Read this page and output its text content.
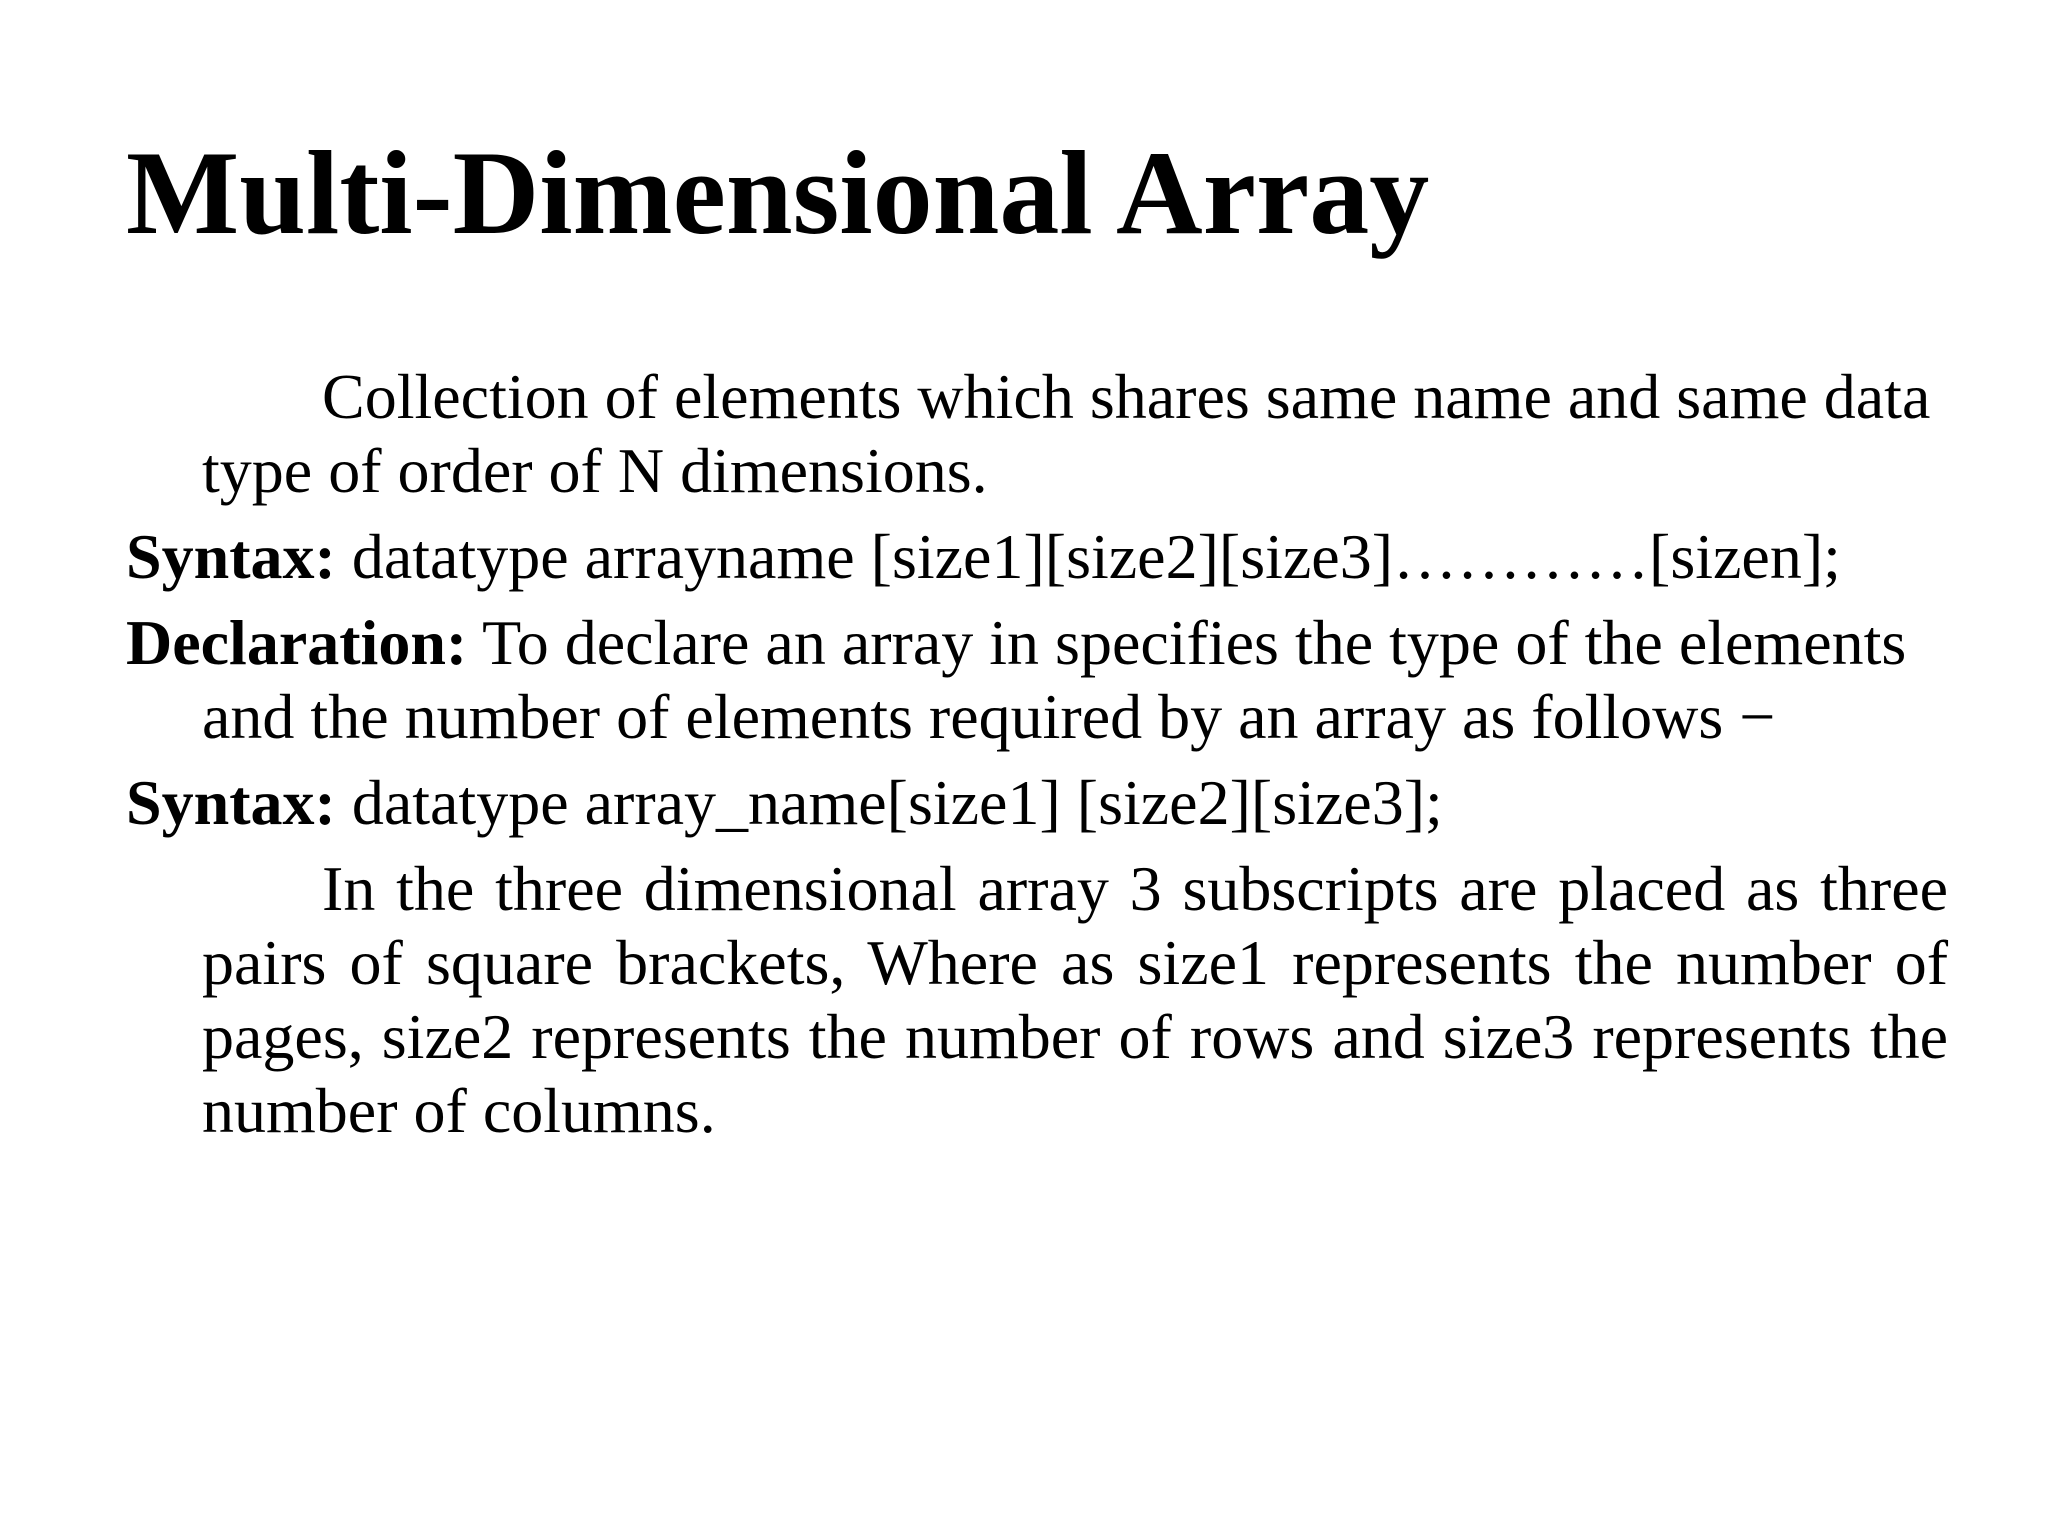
Multi-Dimensional Array

Collection of elements which shares same name and same data type of order of N dimensions.

Syntax: datatype arrayname [size1][size2][size3]…………[sizen];

Declaration: To declare an array in specifies the type of the elements and the number of elements required by an array as follows −

Syntax: datatype array_name[size1] [size2][size3];

In the three dimensional array 3 subscripts are placed as three pairs of square brackets, Where as size1 represents the number of pages, size2 represents the number of rows and size3 represents the number of columns.
